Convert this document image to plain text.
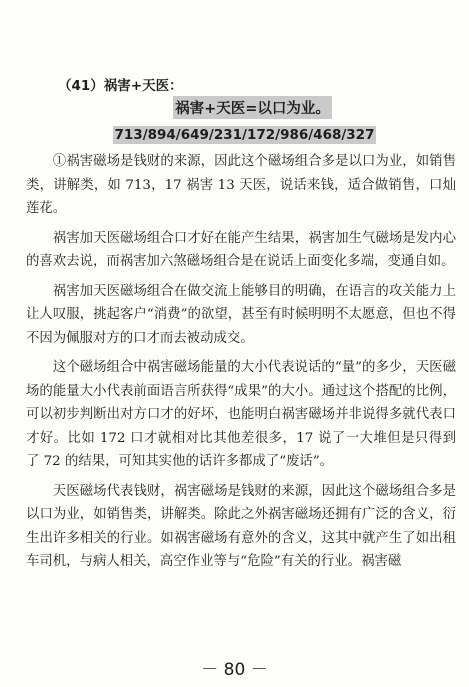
（41）祸害+天医：
祸害+天医=以口为业。
713/894/649/231/172/986/468/327

①祸害磁场是钱财的来源，因此这个磁场组合多是以口为业，如销售类，讲解类，如 713，17 祸害 13 天医，说话来钱，适合做销售，口灿莲花。

祸害加天医磁场组合口才好在能产生结果，祸害加生气磁场是发内心的喜欢去说，而祸害加六煞磁场组合是在说话上面变化多端，变通自如。

祸害加天医磁场组合在做交流上能够目的明确，在语言的攻关能力上让人叹服，挑起客户“消费”的欲望，甚至有时候明明不太愿意，但也不得不因为佩服对方的口才而去被动成交。

这个磁场组合中祸害磁场能量的大小代表说话的“量”的多少，天医磁场的能量大小代表前面语言所获得“成果”的大小。通过这个搭配的比例，可以初步判断出对方口才的好坏，也能明白祸害磁场并非说得多就代表口才好。比如 172 口才就相对比其他差很多，17 说了一大堆但是只得到了 72 的结果，可知其实他的话许多都成了“废话”。

天医磁场代表钱财，祸害磁场是钱财的来源，因此这个磁场组合多是以口为业，如销售类，讲解类。除此之外祸害磁场还拥有广泛的含义，衍生出许多相关的行业。如祸害磁场有意外的含义，这其中就产生了如出租车司机，与病人相关，高空作业等与“危险”有关的行业。祸害磁

－ 80 －
